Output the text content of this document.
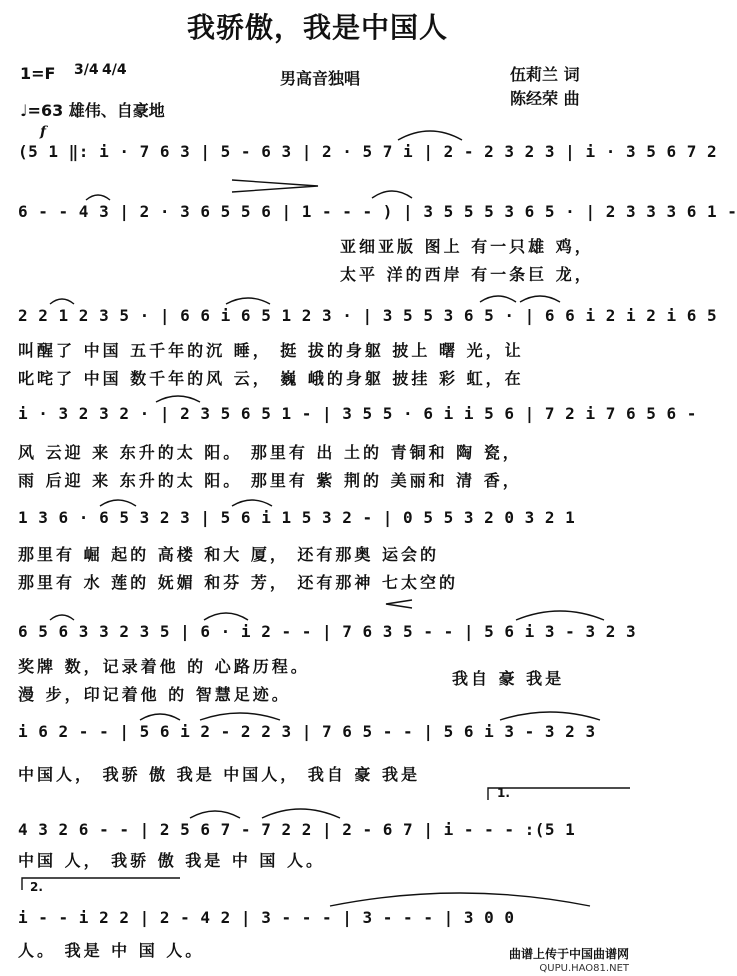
我骄傲，我是中国人
1=F 3/4 4/4	男高音独唱	伍莉兰 词
陈经荣 曲
♩=63 雄伟、自豪地
f
(5 1 ‖: i · 7 6 3 | 5 - 6 3 | 2 · 5 7 i | 2 - 2 3 2 3 | i · 3 5 6 7 2
6 - - 4 3 | 2 · 3 6 5 5 6 | 1 - - - ) | 3 5 5 5 3 6 5 · | 2 3 3 3 6 1 -
亚细亚版 图上 有一只雄 鸡，
太平 洋的西岸 有一条巨 龙，
2 2 1 2 3 5 · | 6 6 i 6 5 1 2 3 · | 3 5 5 3 6 5 · | 6 6 i 2 i 2 i 6 5
叫醒了 中国 五千年的沉 睡， 挺 拔的身躯 披上 曙 光，让
叱咤了 中国 数千年的风 云， 巍 峨的身躯 披挂 彩 虹，在
i · 3 2 3 2 · | 2 3 5 6 5 1 - | 3 5 5 · 6 i i 5 6 | 7 2 i 7 6 5 6 -
风 云迎 来 东升的太 阳。 那里有 出 土的 青铜和 陶 瓷，
雨 后迎 来 东升的太 阳。 那里有 紫 荆的 美丽和 清 香，
1 3 6 · 6 5 3 2 3 | 5 6 i 1 5 3 2 - | 0 5 5 3 2 0 3 2 1
那里有 崛 起的 高楼 和大 厦， 还有那奥 运会的
那里有 水 莲的 妩媚 和芬 芳， 还有那神 七太空的
6 5 6 3 3 2 3 5 | 6 · i 2 - - | 7 6 3 5 - - | 5 6 i 3 - 3 2 3
奖牌 数，记录着他 的 心路历程。
漫 步，印记着他 的 智慧足迹。
我自 豪 我是
i 6 2 - - | 5 6 i 2 - 2 2 3 | 7 6 5 - - | 5 6 i 3 - 3 2 3
中国人， 我骄 傲 我是 中国人， 我自 豪 我是
1.
4 3 2 6 - - | 2 5 6 7 - 7 2 2 | 2 - 6 7 | i - - - :(5 1
中国 人， 我骄 傲 我是 中 国 人。
2.
i - - i 2 2 | 2 - 4 2 | 3 - - - | 3 - - - | 3 0 0
人。 我是 中 国 人。	曲谱上传于中国曲谱网
QUPU.HAO81.NET
